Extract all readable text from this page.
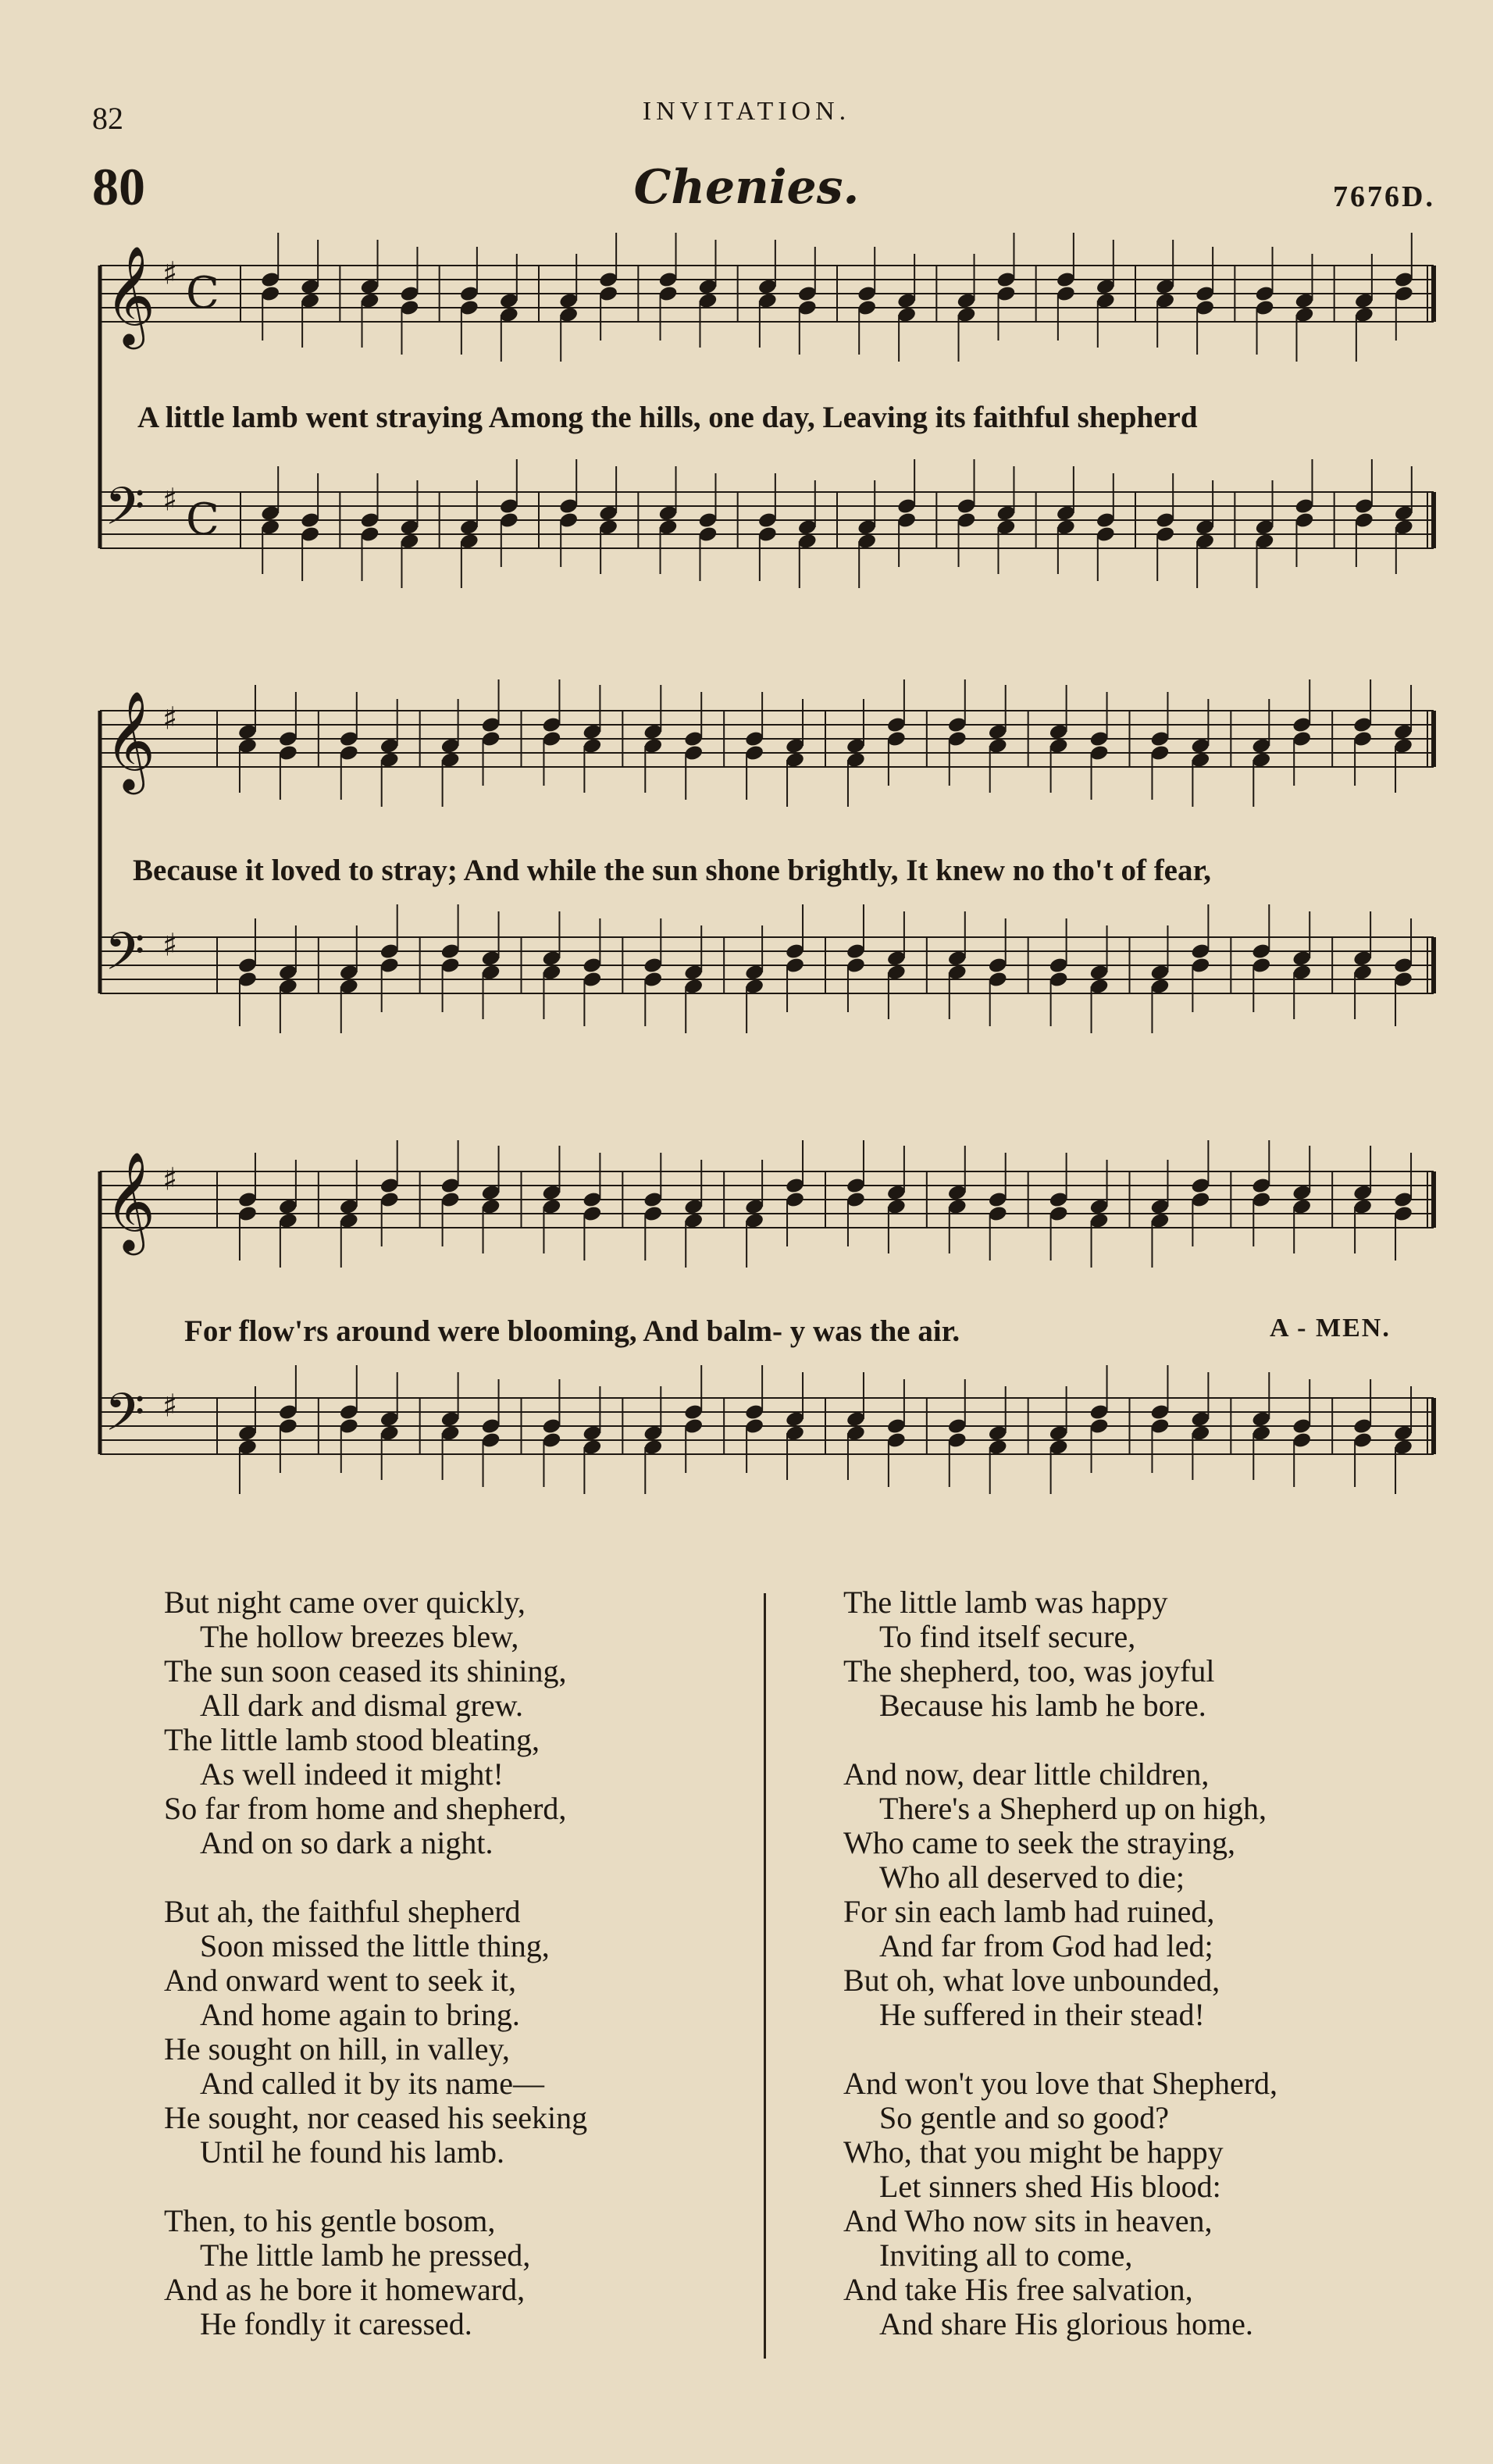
82	INVITATION.
80	Chenies.	7676D.
𝄞 ♯ C
𝄢 ♯ C
A little lamb went straying Among the hills, one day, Leaving its faithful shepherd
𝄞 ♯
𝄢 ♯
Because it loved to stray; And while the sun shone brightly, It knew no tho't of fear,
𝄞 ♯
𝄢 ♯
For flow'rs around were blooming, And balm- y was the air.	A - MEN.
But night came over quickly,
The hollow breezes blew,
The sun soon ceased its shining,
All dark and dismal grew.
The little lamb stood bleating,
As well indeed it might!
So far from home and shepherd,
And on so dark a night.
But ah, the faithful shepherd
Soon missed the little thing,
And onward went to seek it,
And home again to bring.
He sought on hill, in valley,
And called it by its name—
He sought, nor ceased his seeking
Until he found his lamb.
Then, to his gentle bosom,
The little lamb he pressed,
And as he bore it homeward,
He fondly it caressed.
The little lamb was happy
To find itself secure,
The shepherd, too, was joyful
Because his lamb he bore.
And now, dear little children,
There's a Shepherd up on high,
Who came to seek the straying,
Who all deserved to die;
For sin each lamb had ruined,
And far from God had led;
But oh, what love unbounded,
He suffered in their stead!
And won't you love that Shepherd,
So gentle and so good?
Who, that you might be happy
Let sinners shed His blood:
And Who now sits in heaven,
Inviting all to come,
And take His free salvation,
And share His glorious home.
